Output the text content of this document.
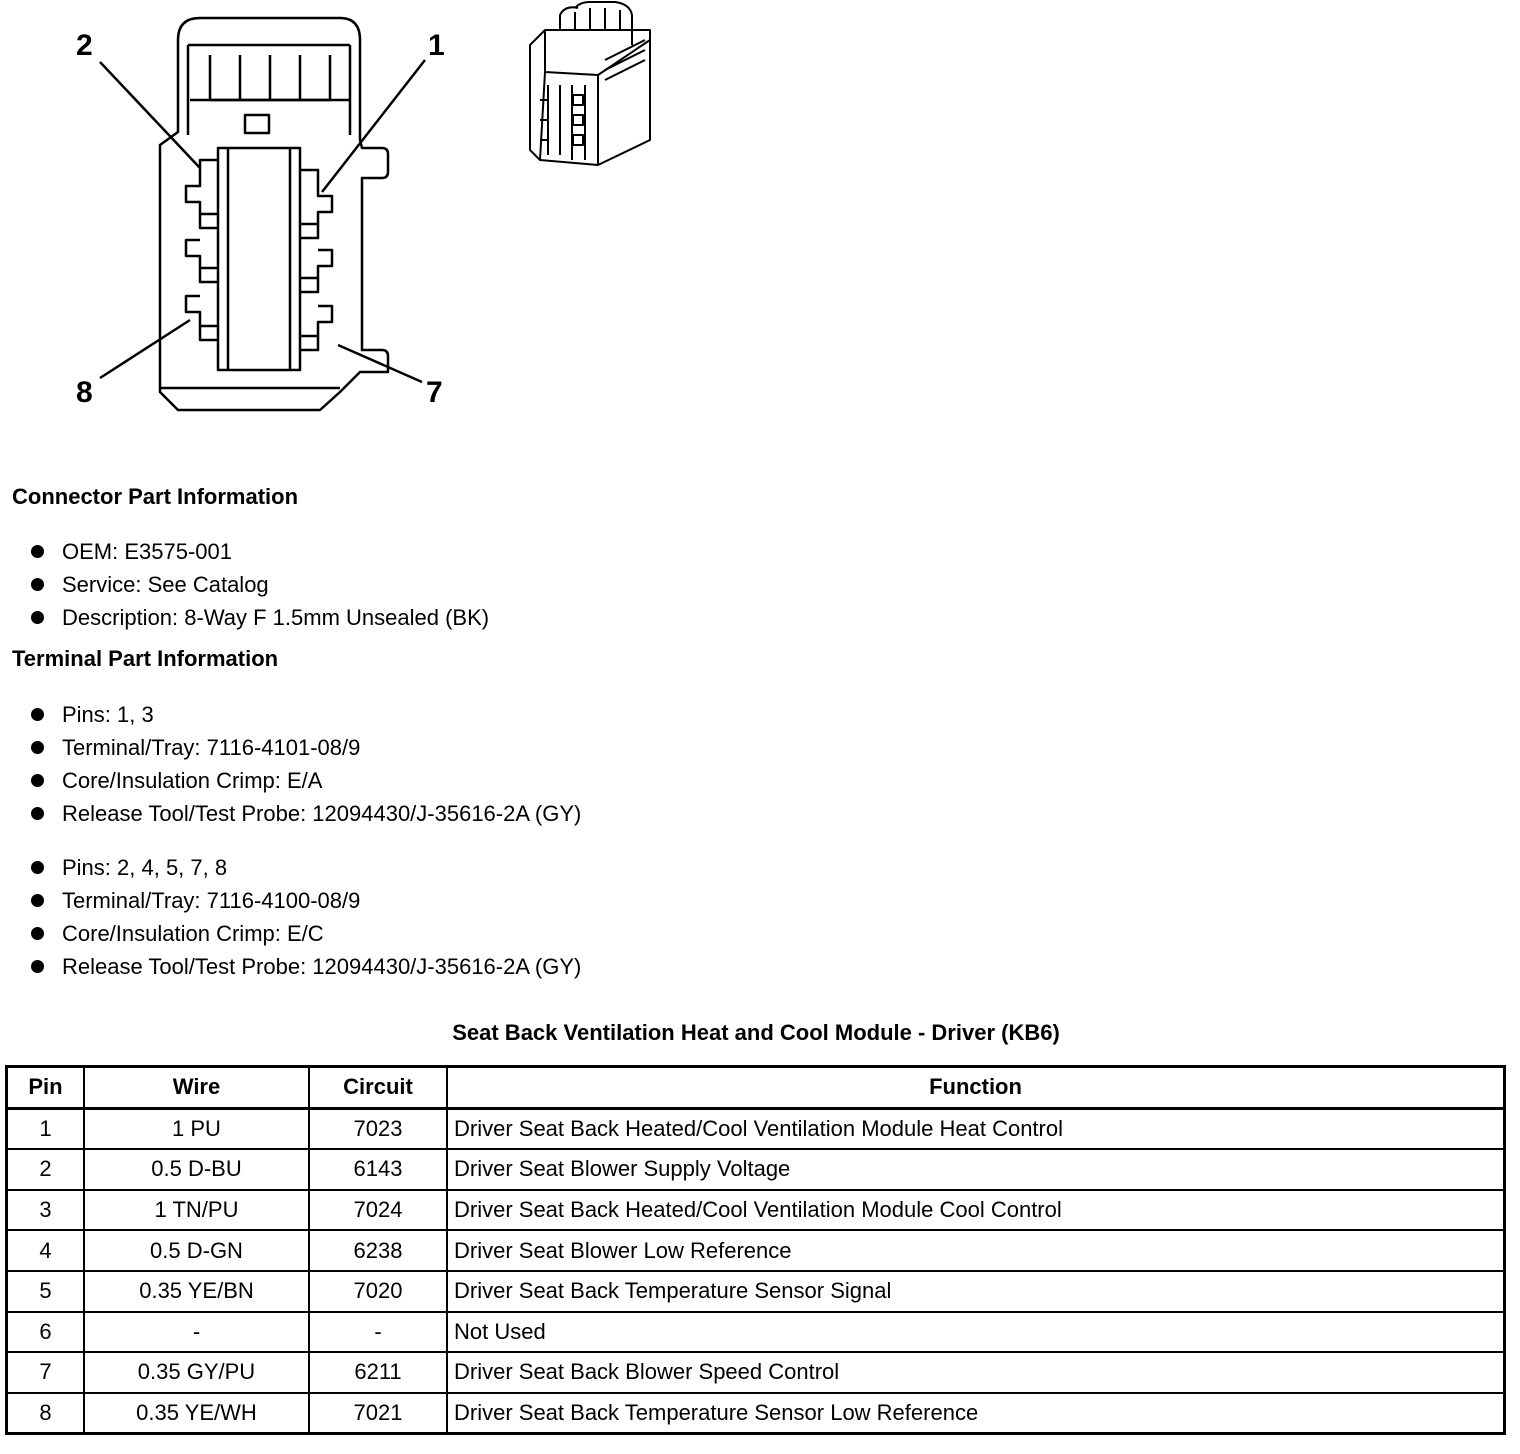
2	1
8	7
Connector Part Information
OEM: E3575-001
Service: See Catalog
Description: 8-Way F 1.5mm Unsealed (BK)
Terminal Part Information
Pins: 1, 3
Terminal/Tray: 7116-4101-08/9
Core/Insulation Crimp: E/A
Release Tool/Test Probe: 12094430/J-35616-2A (GY)
Pins: 2, 4, 5, 7, 8
Terminal/Tray: 7116-4100-08/9
Core/Insulation Crimp: E/C
Release Tool/Test Probe: 12094430/J-35616-2A (GY)
Seat Back Ventilation Heat and Cool Module - Driver (KB6)
Pin	Wire	Circuit	Function
1	1 PU	7023	Driver Seat Back Heated/Cool Ventilation Module Heat Control
2	0.5 D-BU	6143	Driver Seat Blower Supply Voltage
3	1 TN/PU	7024	Driver Seat Back Heated/Cool Ventilation Module Cool Control
4	0.5 D-GN	6238	Driver Seat Blower Low Reference
5	0.35 YE/BN	7020	Driver Seat Back Temperature Sensor Signal
6	-	-	Not Used
7	0.35 GY/PU	6211	Driver Seat Back Blower Speed Control
8	0.35 YE/WH	7021	Driver Seat Back Temperature Sensor Low Reference
